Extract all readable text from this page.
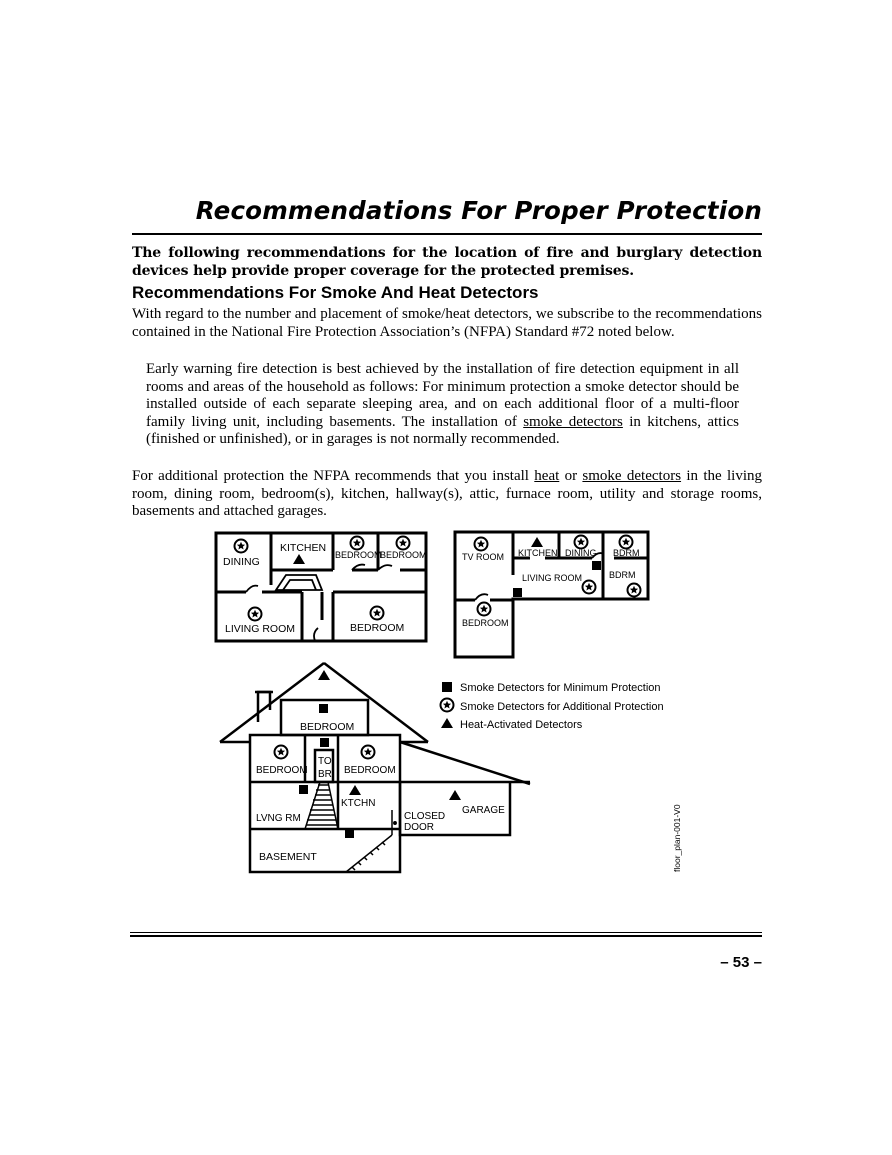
Recommendations For Proper Protection
The following recommendations for the location of fire and burglary detection devices help provide proper coverage for the protected premises.
Recommendations For Smoke And Heat Detectors
With regard to the number and placement of smoke/heat detectors, we subscribe to the recommendations contained in the National Fire Protection Association’s (NFPA) Standard #72 noted below.
Early warning fire detection is best achieved by the installation of fire detection equipment in all rooms and areas of the household as follows: For minimum protection a smoke detector should be installed outside of each separate sleeping area, and on each additional floor of a multi-floor family living unit, including basements. The installation of smoke detectors in kitchens, attics (finished or unfinished), or in garages is not normally recommended.
For additional protection the NFPA recommends that you install heat or smoke detectors in the living room, dining room, bedroom(s), kitchen, hallway(s), attic, furnace room, utility and storage rooms, basements and attached garages.
DINING
KITCHEN
BEDROOM
BEDROOM
LIVING ROOM	BEDROOM
TV ROOM KITCHEN DINING BDRM
LIVING ROOM	BDRM
BEDROOM
BEDROOM
BEDROOM
TO
BR BEDROOM
KTCHN
LVNG RM	CLOSED
DOOR
GARAGE
BASEMENT
Smoke Detectors for Minimum Protection
Smoke Detectors for Additional Protection
Heat-Activated Detectors
floor_plan-001-V0
– 53 –
